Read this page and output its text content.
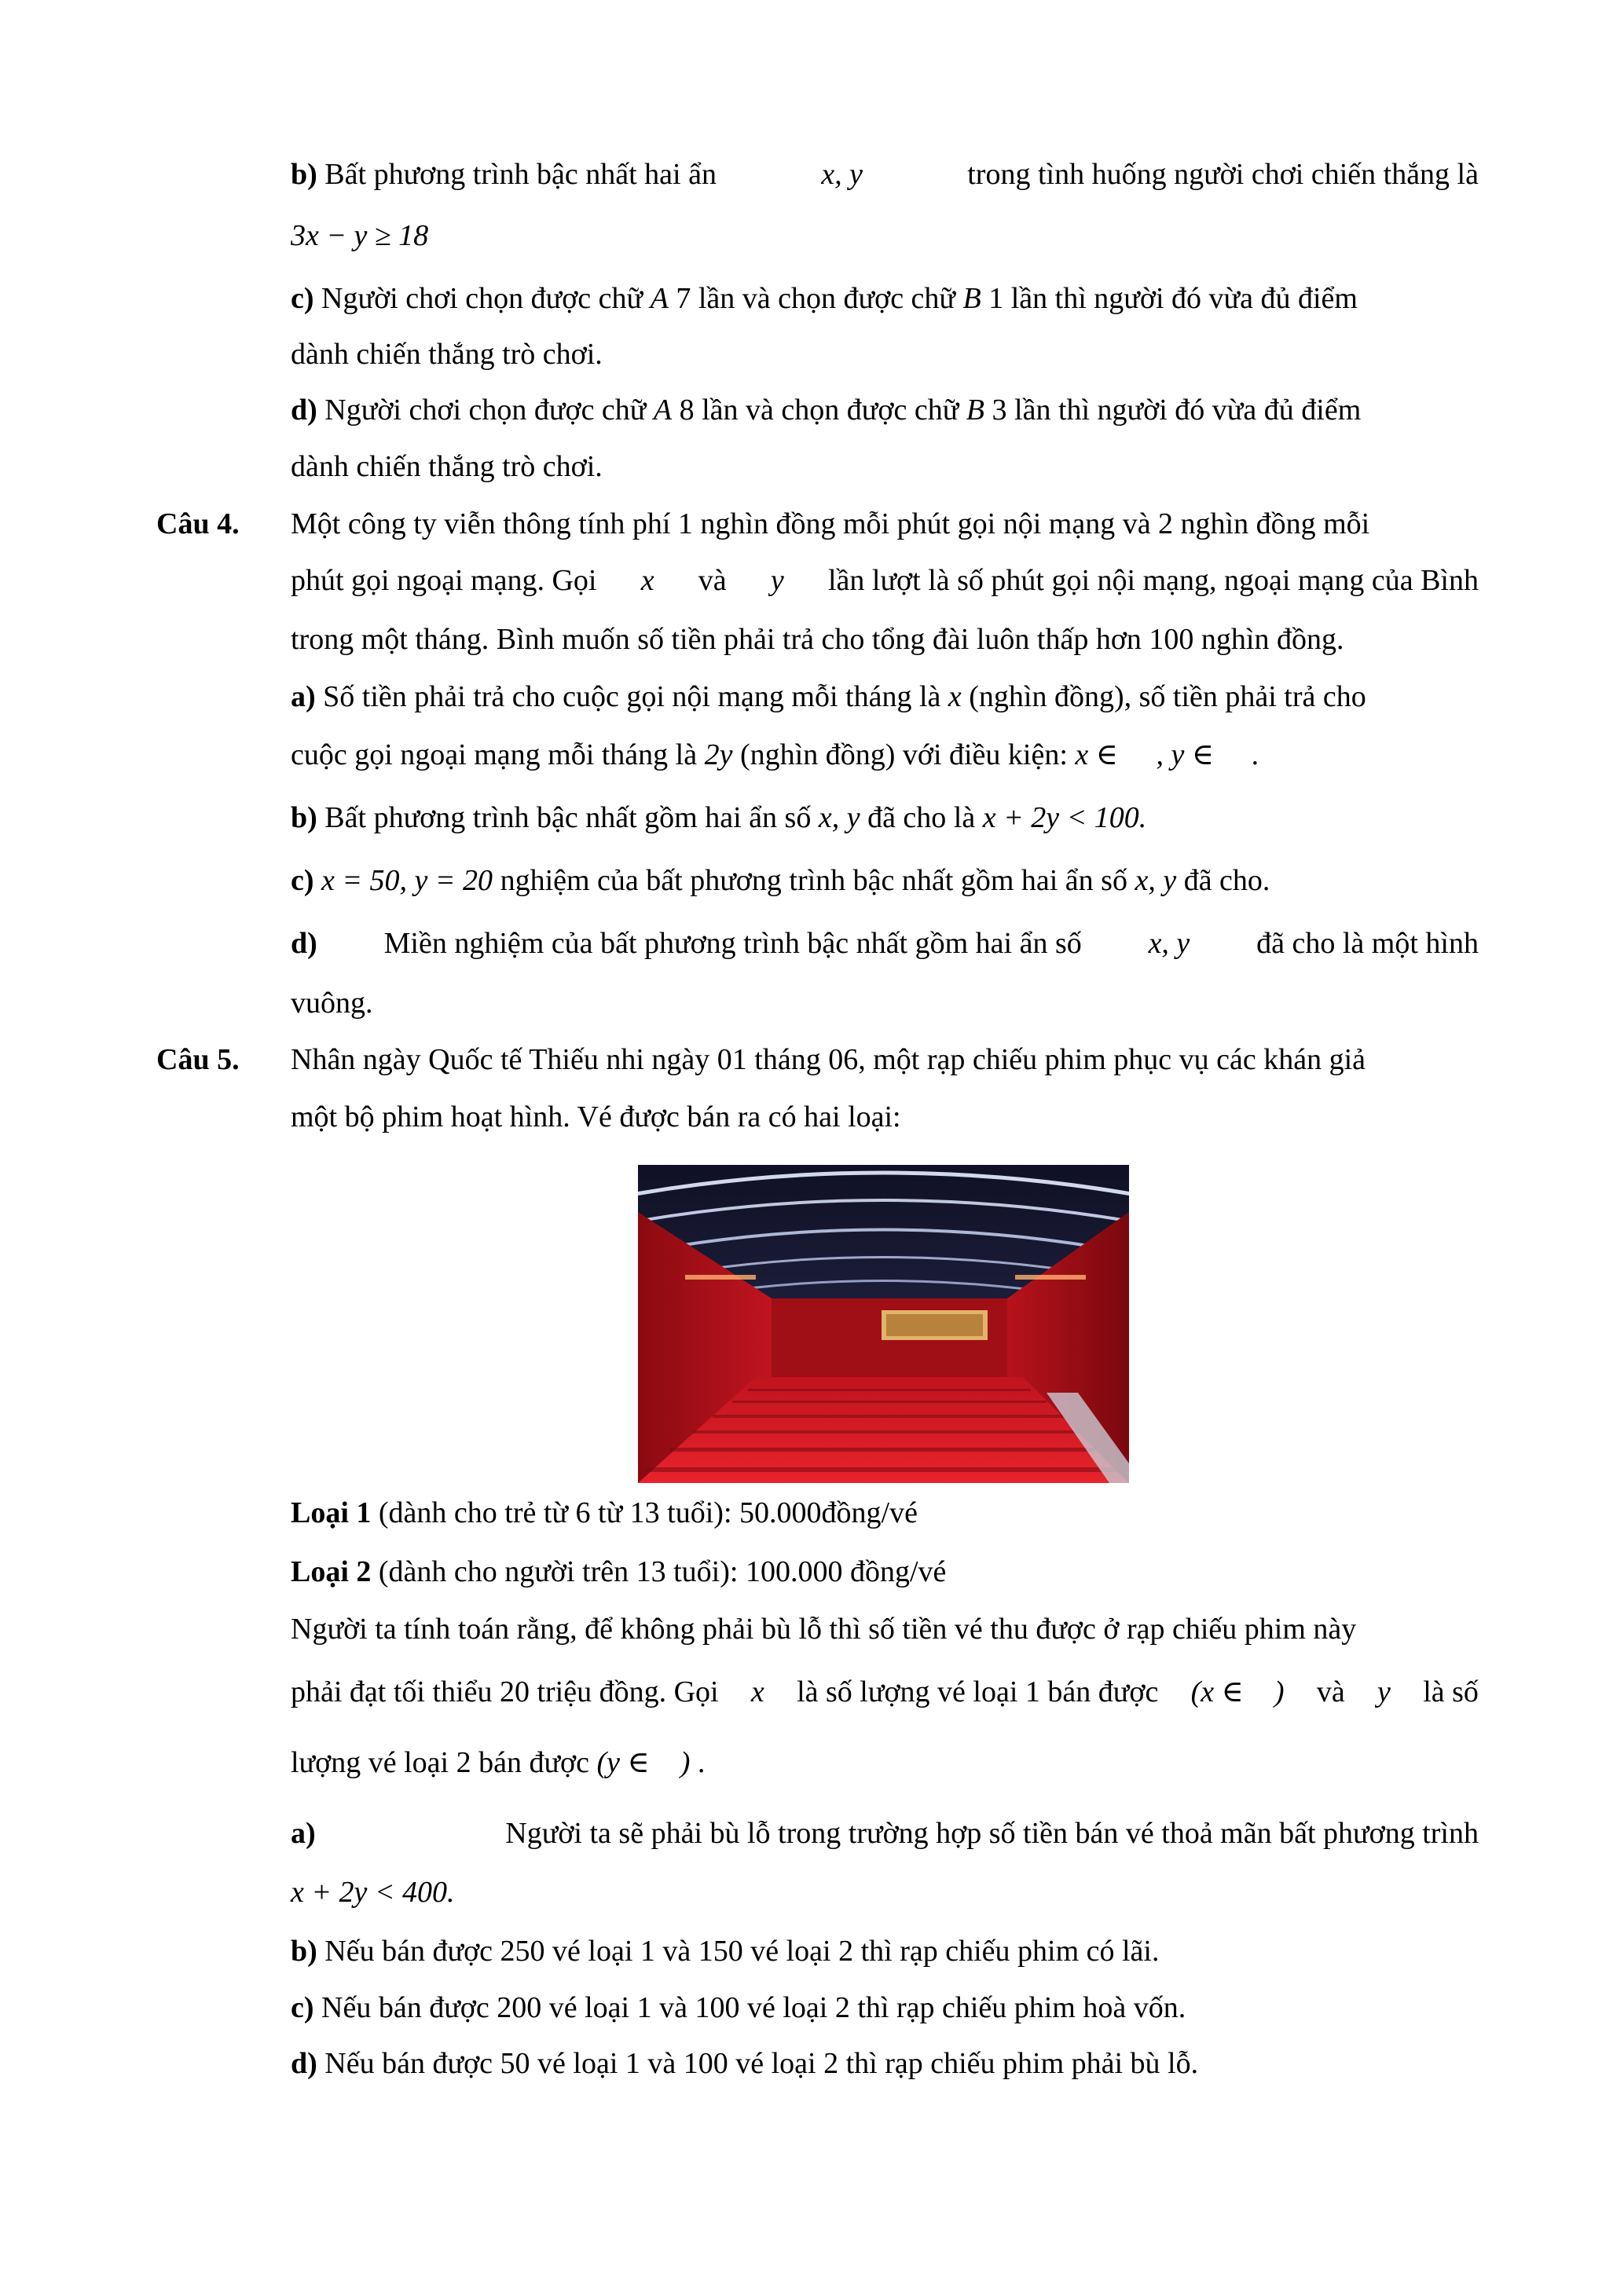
b) Bất phương trình bậc nhất hai ẩn	x, y	trong tình huống người chơi chiến thắng là
3x − y ≥ 18
c) Người chơi chọn được chữ A 7 lần và chọn được chữ B 1 lần thì người đó vừa đủ điểm
dành chiến thắng trò chơi.
d) Người chơi chọn được chữ A 8 lần và chọn được chữ B 3 lần thì người đó vừa đủ điểm
dành chiến thắng trò chơi.
Câu 4. Một công ty viễn thông tính phí 1 nghìn đồng mỗi phút gọi nội mạng và 2 nghìn đồng mỗi
phút gọi ngoại mạng. Gọi x và y lần lượt là số phút gọi nội mạng, ngoại mạng của Bình
trong một tháng. Bình muốn số tiền phải trả cho tổng đài luôn thấp hơn 100 nghìn đồng.
a) Số tiền phải trả cho cuộc gọi nội mạng mỗi tháng là x (nghìn đồng), số tiền phải trả cho
cuộc gọi ngoại mạng mỗi tháng là 2y (nghìn đồng) với điều kiện: x ∈ ⃞ , y ∈ ⃞ .
b) Bất phương trình bậc nhất gồm hai ẩn số x, y đã cho là x + 2y < 100.
c) x = 50, y = 20 nghiệm của bất phương trình bậc nhất gồm hai ẩn số x, y đã cho.
d) Miền nghiệm của bất phương trình bậc nhất gồm hai ẩn số x, y đã cho là một hình
vuông.
Câu 5. Nhân ngày Quốc tế Thiếu nhi ngày 01 tháng 06, một rạp chiếu phim phục vụ các khán giả
một bộ phim hoạt hình. Vé được bán ra có hai loại:
Loại 1 (dành cho trẻ từ 6 từ 13 tuổi): 50.000đồng/vé
Loại 2 (dành cho người trên 13 tuổi): 100.000 đồng/vé
Người ta tính toán rằng, để không phải bù lỗ thì số tiền vé thu được ở rạp chiếu phim này
phải đạt tối thiểu 20 triệu đồng. Gọi x là số lượng vé loại 1 bán được (x ∈ ⃞) và y là số
lượng vé loại 2 bán được (y ∈ ⃞) .
a)	Người ta sẽ phải bù lỗ trong trường hợp số tiền bán vé thoả mãn bất phương trình
x + 2y < 400.
b) Nếu bán được 250 vé loại 1 và 150 vé loại 2 thì rạp chiếu phim có lãi.
c) Nếu bán được 200 vé loại 1 và 100 vé loại 2 thì rạp chiếu phim hoà vốn.
d) Nếu bán được 50 vé loại 1 và 100 vé loại 2 thì rạp chiếu phim phải bù lỗ.
